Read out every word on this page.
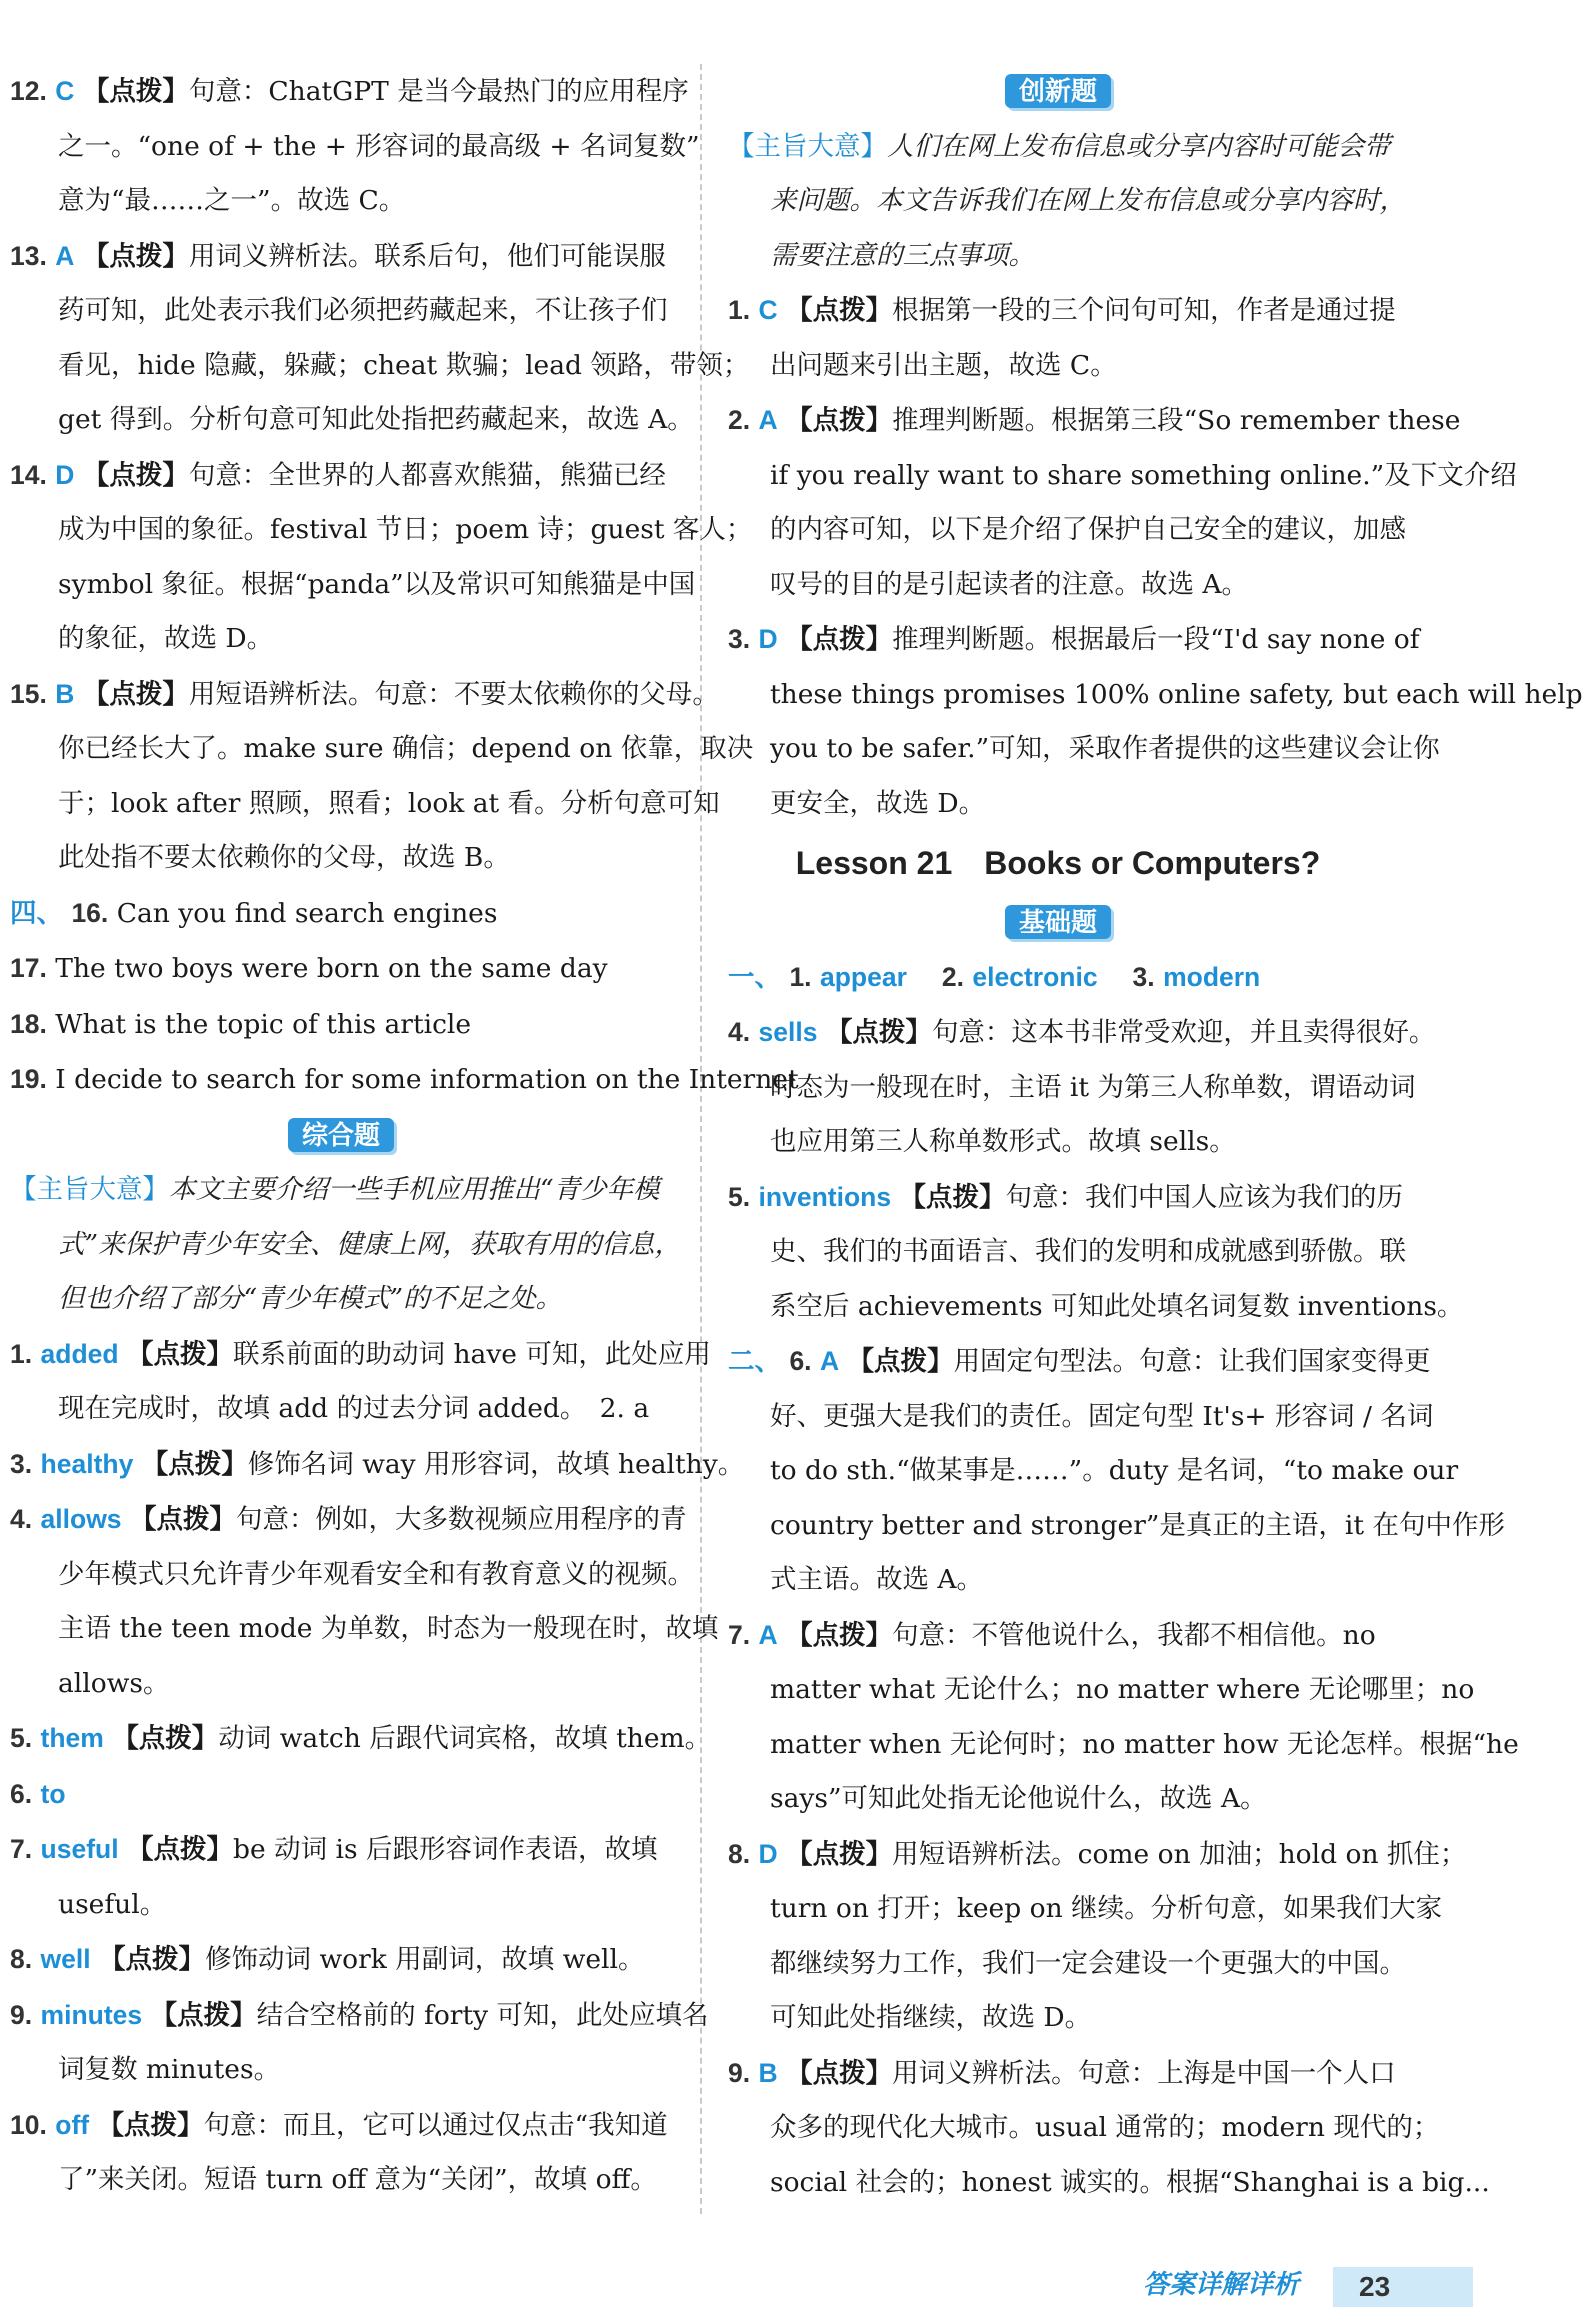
12. C 【点拨】句意：ChatGPT 是当今最热门的应用程序
之一。“one of + the + 形容词的最高级 + 名词复数”
意为“最……之一”。故选 C。
13. A 【点拨】用词义辨析法。联系后句，他们可能误服
药可知，此处表示我们必须把药藏起来，不让孩子们
看见，hide 隐藏，躲藏；cheat 欺骗；lead 领路，带领；
get 得到。分析句意可知此处指把药藏起来，故选 A。
14. D 【点拨】句意：全世界的人都喜欢熊猫，熊猫已经
成为中国的象征。festival 节日；poem 诗；guest 客人；
symbol 象征。根据“panda”以及常识可知熊猫是中国
的象征，故选 D。
15. B 【点拨】用短语辨析法。句意：不要太依赖你的父母。
你已经长大了。make sure 确信；depend on 依靠，取决
于；look after 照顾，照看；look at 看。分析句意可知
此处指不要太依赖你的父母，故选 B。
四、 16. Can you find search engines
17. The two boys were born on the same day
18. What is the topic of this article
19. I decide to search for some information on the Internet
综合题
【主旨大意】本文主要介绍一些手机应用推出“青少年模
式”来保护青少年安全、健康上网，获取有用的信息，
但也介绍了部分“青少年模式”的不足之处。
1. added 【点拨】联系前面的助动词 have 可知，此处应用
现在完成时，故填 add 的过去分词 added。　2. a
3. healthy 【点拨】修饰名词 way 用形容词，故填 healthy。
4. allows 【点拨】句意：例如，大多数视频应用程序的青
少年模式只允许青少年观看安全和有教育意义的视频。
主语 the teen mode 为单数，时态为一般现在时，故填
allows。
5. them 【点拨】动词 watch 后跟代词宾格，故填 them。
6. to
7. useful 【点拨】be 动词 is 后跟形容词作表语，故填
useful。
8. well 【点拨】修饰动词 work 用副词，故填 well。
9. minutes 【点拨】结合空格前的 forty 可知，此处应填名
词复数 minutes。
10. off 【点拨】句意：而且，它可以通过仅点击“我知道
了”来关闭。短语 turn off 意为“关闭”，故填 off。
创新题
【主旨大意】人们在网上发布信息或分享内容时可能会带
来问题。本文告诉我们在网上发布信息或分享内容时，
需要注意的三点事项。
1. C 【点拨】根据第一段的三个问句可知，作者是通过提
出问题来引出主题，故选 C。
2. A 【点拨】推理判断题。根据第三段“So remember these
if you really want to share something online.”及下文介绍
的内容可知，以下是介绍了保护自己安全的建议，加感
叹号的目的是引起读者的注意。故选 A。
3. D 【点拨】推理判断题。根据最后一段“I'd say none of
these things promises 100% online safety, but each will help
you to be safer.”可知，采取作者提供的这些建议会让你
更安全，故选 D。
Lesson 21　Books or Computers?
基础题
一、 1. appear　 2. electronic　 3. modern
4. sells 【点拨】句意：这本书非常受欢迎，并且卖得很好。
时态为一般现在时，主语 it 为第三人称单数，谓语动词
也应用第三人称单数形式。故填 sells。
5. inventions 【点拨】句意：我们中国人应该为我们的历
史、我们的书面语言、我们的发明和成就感到骄傲。联
系空后 achievements 可知此处填名词复数 inventions。
二、 6. A 【点拨】用固定句型法。句意：让我们国家变得更
好、更强大是我们的责任。固定句型 It's+ 形容词 / 名词
to do sth.“做某事是……”。duty 是名词，“to make our
country better and stronger”是真正的主语，it 在句中作形
式主语。故选 A。
7. A 【点拨】句意：不管他说什么，我都不相信他。no
matter what 无论什么；no matter where 无论哪里；no
matter when 无论何时；no matter how 无论怎样。根据“he
says”可知此处指无论他说什么，故选 A。
8. D 【点拨】用短语辨析法。come on 加油；hold on 抓住；
turn on 打开；keep on 继续。分析句意，如果我们大家
都继续努力工作，我们一定会建设一个更强大的中国。
可知此处指继续，故选 D。
9. B 【点拨】用词义辨析法。句意：上海是中国一个人口
众多的现代化大城市。usual 通常的；modern 现代的；
social 社会的；honest 诚实的。根据“Shanghai is a big...
答案详解详析	23
